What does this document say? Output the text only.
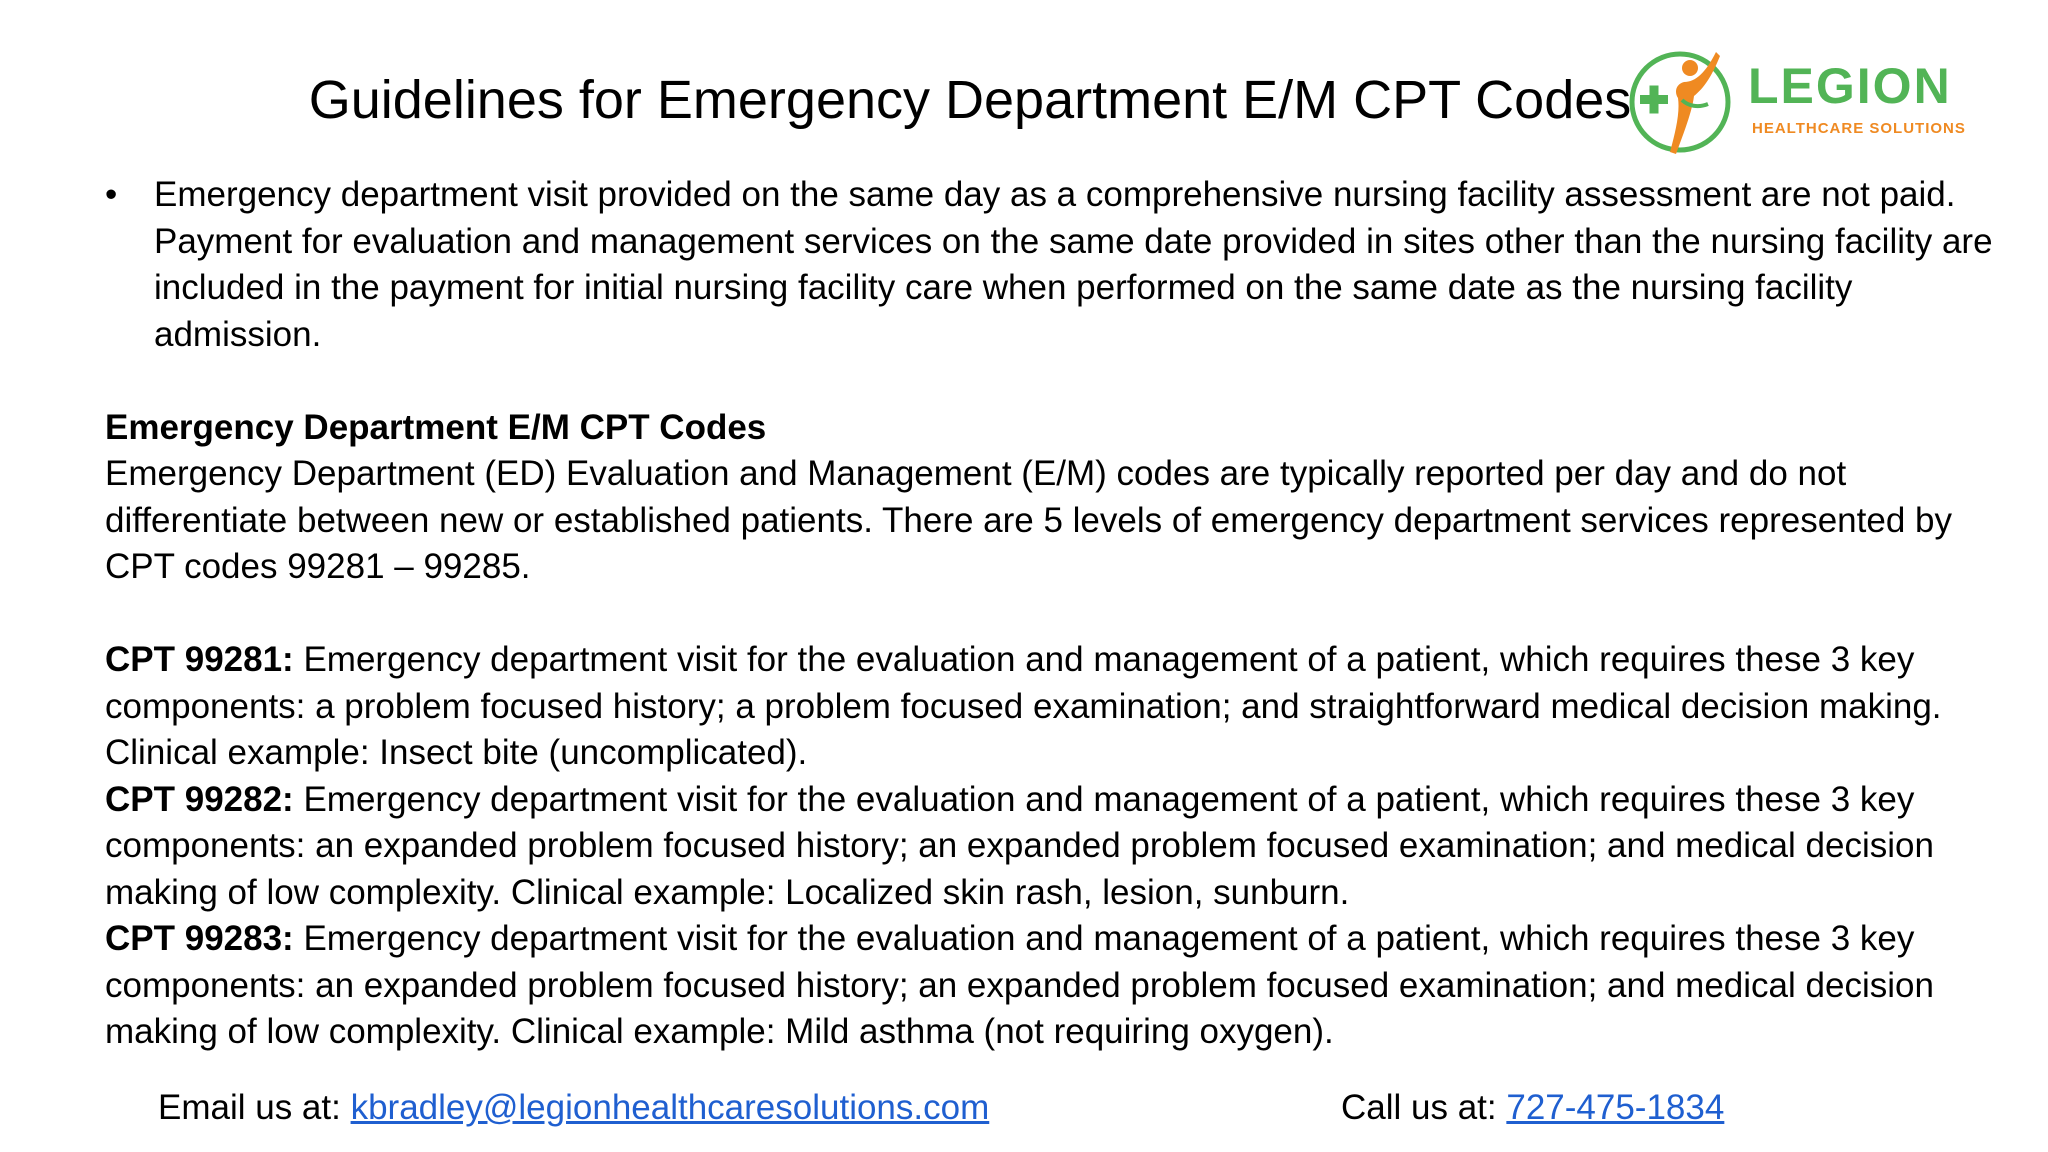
Guidelines for Emergency Department E/M CPT Codes LEGION
HEALTHCARE SOLUTIONS
• Emergency department visit provided on the same day as a comprehensive nursing facility assessment are not paid. Payment for evaluation and management services on the same date provided in sites other than the nursing facility are included in the payment for initial nursing facility care when performed on the same date as the nursing facility admission.
Emergency Department E/M CPT Codes
Emergency Department (ED) Evaluation and Management (E/M) codes are typically reported per day and do not differentiate between new or established patients. There are 5 levels of emergency department services represented by CPT codes 99281 – 99285.
CPT 99281: Emergency department visit for the evaluation and management of a patient, which requires these 3 key components: a problem focused history; a problem focused examination; and straightforward medical decision making. Clinical example: Insect bite (uncomplicated).
CPT 99282: Emergency department visit for the evaluation and management of a patient, which requires these 3 key components: an expanded problem focused history; an expanded problem focused examination; and medical decision making of low complexity. Clinical example: Localized skin rash, lesion, sunburn.
CPT 99283: Emergency department visit for the evaluation and management of a patient, which requires these 3 key components: an expanded problem focused history; an expanded problem focused examination; and medical decision making of low complexity. Clinical example: Mild asthma (not requiring oxygen).
Email us at: kbradley@legionhealthcaresolutions.com	Call us at: 727-475-1834
